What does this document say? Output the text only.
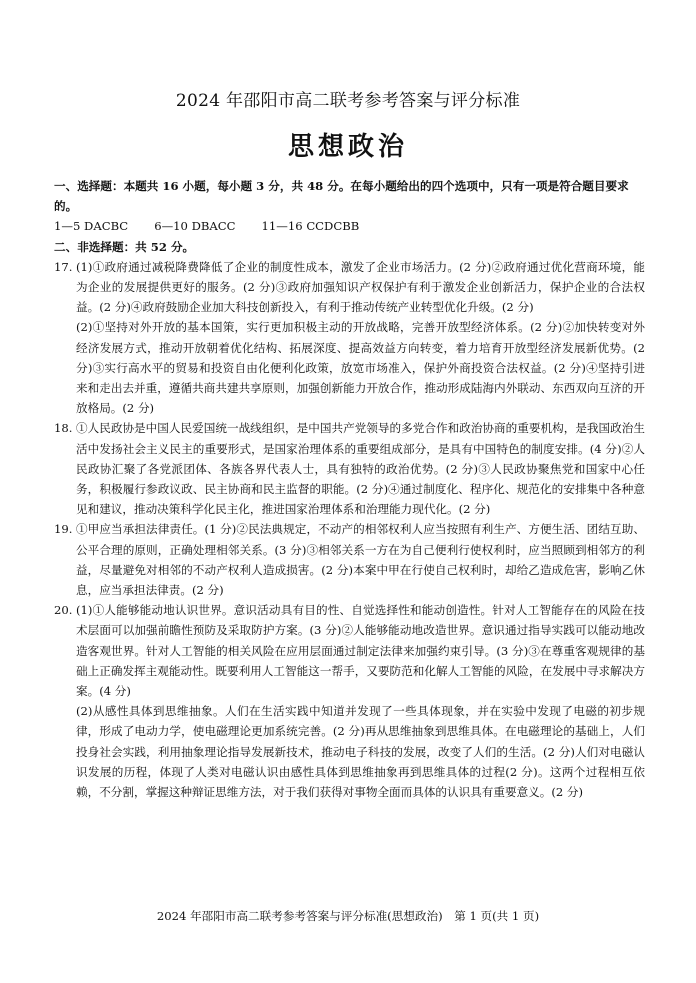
2024 年邵阳市高二联考参考答案与评分标准
思想政治
一、选择题：本题共 16 小题，每小题 3 分，共 48 分。在每小题给出的四个选项中，只有一项是符合题目要求的。
1—5 DACBC 6—10 DBACC 11—16 CCDCBB
二、非选择题：共 52 分。
17. (1)①政府通过减税降费降低了企业的制度性成本，激发了企业市场活力。(2 分)②政府通过优化营商环境，能为企业的发展提供更好的服务。(2 分)③政府加强知识产权保护有利于激发企业创新活力，保护企业的合法权益。(2 分)④政府鼓励企业加大科技创新投入，有利于推动传统产业转型优化升级。(2 分)

(2)①坚持对外开放的基本国策，实行更加积极主动的开放战略，完善开放型经济体系。(2 分)②加快转变对外经济发展方式，推动开放朝着优化结构、拓展深度、提高效益方向转变，着力培育开放型经济发展新优势。(2 分)③实行高水平的贸易和投资自由化便利化政策，放宽市场准入，保护外商投资合法权益。(2 分)④坚持引进来和走出去并重，遵循共商共建共享原则，加强创新能力开放合作，推动形成陆海内外联动、东西双向互济的开放格局。(2 分)

18. ①人民政协是中国人民爱国统一战线组织，是中国共产党领导的多党合作和政治协商的重要机构，是我国政治生活中发扬社会主义民主的重要形式，是国家治理体系的重要组成部分，是具有中国特色的制度安排。(4 分)②人民政协汇聚了各党派团体、各族各界代表人士，具有独特的政治优势。(2 分)③人民政协聚焦党和国家中心任务，积极履行参政议政、民主协商和民主监督的职能。(2 分)④通过制度化、程序化、规范化的安排集中各种意见和建议，推动决策科学化民主化，推进国家治理体系和治理能力现代化。(2 分)

19. ①甲应当承担法律责任。(1 分)②民法典规定，不动产的相邻权利人应当按照有利生产、方便生活、团结互助、公平合理的原则，正确处理相邻关系。(3 分)③相邻关系一方在为自己便利行使权利时，应当照顾到相邻方的利益，尽量避免对相邻的不动产权利人造成损害。(2 分)本案中甲在行使自己权利时，却给乙造成危害，影响乙休息，应当承担法律责。(2 分)

20. (1)①人能够能动地认识世界。意识活动具有目的性、自觉选择性和能动创造性。针对人工智能存在的风险在技术层面可以加强前瞻性预防及采取防护方案。(3 分)②人能够能动地改造世界。意识通过指导实践可以能动地改造客观世界。针对人工智能的相关风险在应用层面通过制定法律来加强约束引导。(3 分)③在尊重客观规律的基础上正确发挥主观能动性。既要利用人工智能这一帮手，又要防范和化解人工智能的风险，在发展中寻求解决方案。(4 分)

(2)从感性具体到思维抽象。人们在生活实践中知道并发现了一些具体现象，并在实验中发现了电磁的初步规律，形成了电动力学，使电磁理论更加系统完善。(2 分)再从思维抽象到思维具体。在电磁理论的基础上，人们投身社会实践，利用抽象理论指导发展新技术，推动电子科技的发展，改变了人们的生活。(2 分)人们对电磁认识发展的历程，体现了人类对电磁认识由感性具体到思维抽象再到思维具体的过程(2 分)。这两个过程相互依赖，不分割，掌握这种辩证思维方法，对于我们获得对事物全面而具体的认识具有重要意义。(2 分)

2024 年邵阳市高二联考参考答案与评分标准(思想政治)　第 1 页(共 1 页)
